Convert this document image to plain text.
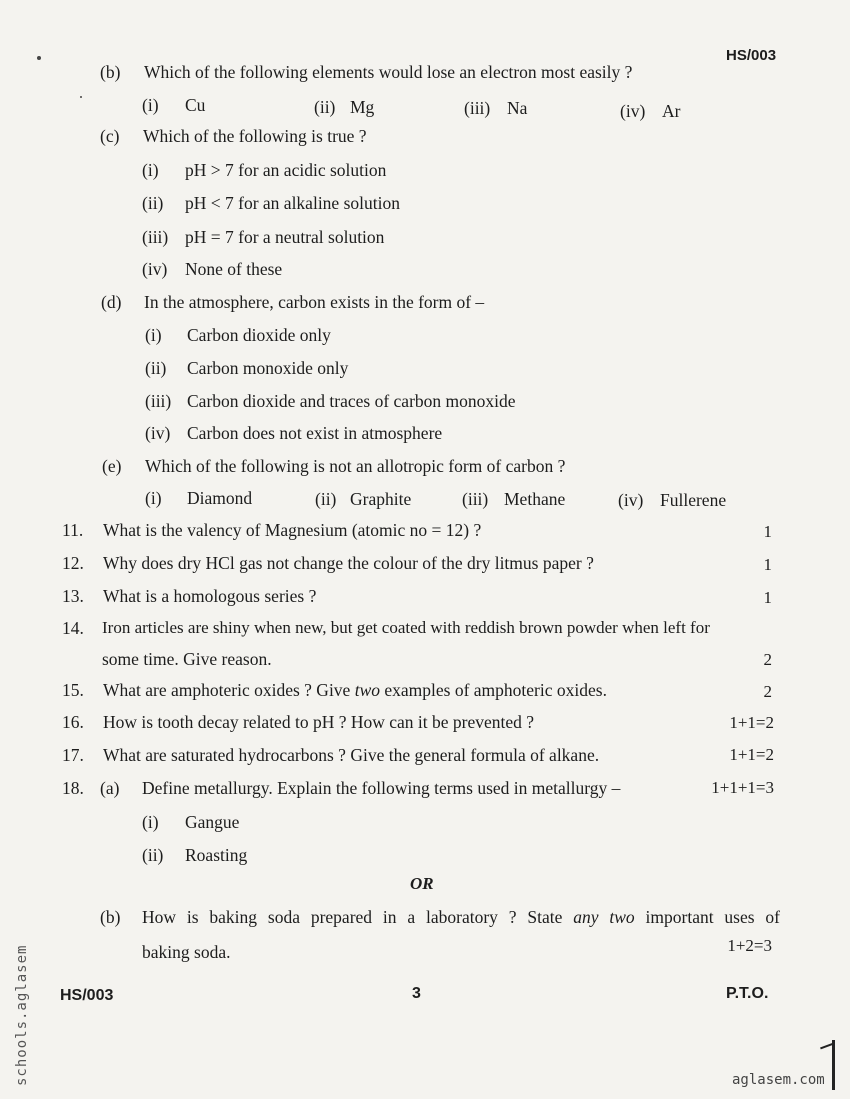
HS/003
(b) Which of the following elements would lose an electron most easily ?
(i) Cu	(ii) Mg	(iii) Na	(iv) Ar
(c) Which of the following is true ?
(i) pH > 7 for an acidic solution
(ii) pH < 7 for an alkaline solution
(iii) pH = 7 for a neutral solution
(iv) None of these
(d) In the atmosphere, carbon exists in the form of –
(i) Carbon dioxide only
(ii) Carbon monoxide only
(iii) Carbon dioxide and traces of carbon monoxide
(iv) Carbon does not exist in atmosphere
(e) Which of the following is not an allotropic form of carbon ?
(i) Diamond	(ii) Graphite	(iii) Methane	(iv) Fullerene
11. What is the valency of Magnesium (atomic no = 12) ?	1
12. Why does dry HCl gas not change the colour of the dry litmus paper ?	1
13. What is a homologous series ?	1
14. Iron articles are shiny when new, but get coated with reddish brown powder when left for
some time. Give reason.	2
15. What are amphoteric oxides ? Give two examples of amphoteric oxides.	2
16. How is tooth decay related to pH ? How can it be prevented ?	1+1=2
17. What are saturated hydrocarbons ? Give the general formula of alkane.	1+1=2
18. (a) Define metallurgy. Explain the following terms used in metallurgy –	1+1+1=3
(i) Gangue
(ii) Roasting
OR
(b) How is baking soda prepared in a laboratory ? State any two important uses of
baking soda.	1+2=3
HS/003	3	P.T.O.
schools.aglasem	aglasem.com
